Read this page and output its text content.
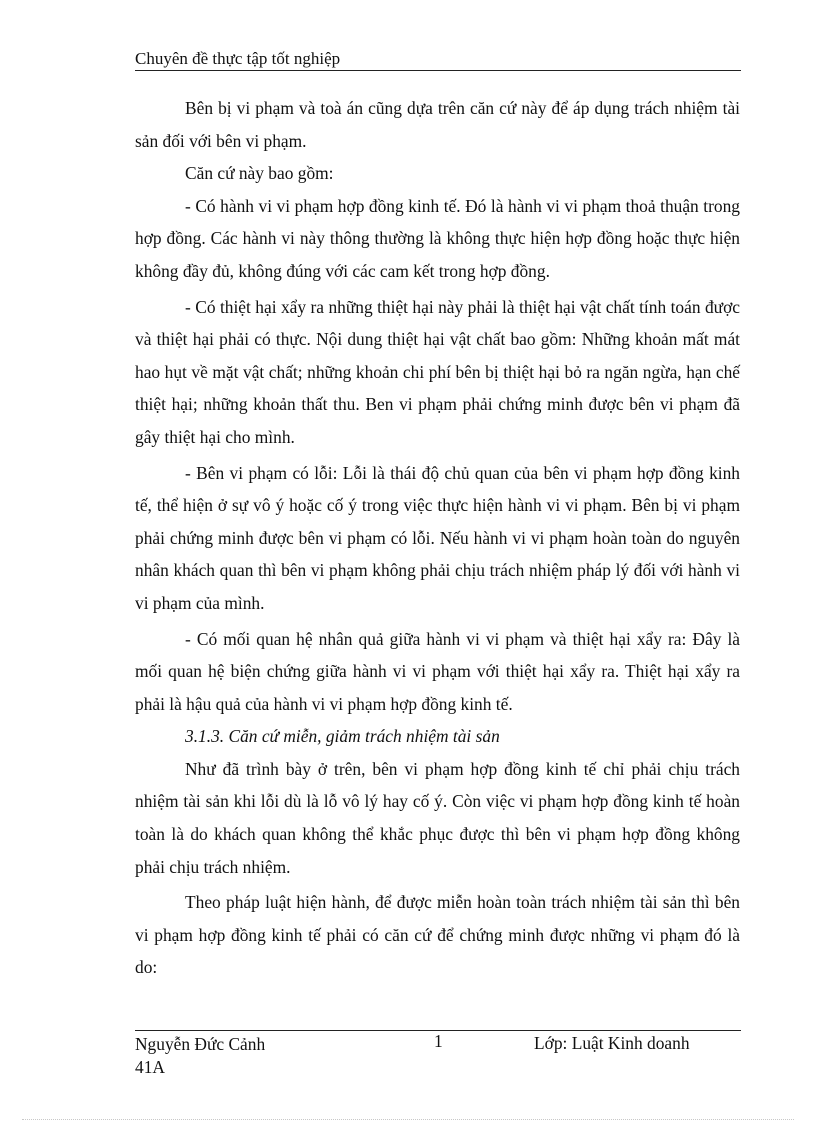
Chuyên đề thực tập tốt nghiệp

Bên bị vi phạm và toà án cũng dựa trên căn cứ này để áp dụng trách nhiệm tài sản đối với bên vi phạm.

Căn cứ này bao gồm:

- Có hành vi vi phạm hợp đồng kinh tế. Đó là hành vi vi phạm thoả thuận trong hợp đồng. Các hành vi này thông thường là không thực hiện hợp đồng hoặc thực hiện không đầy đủ, không đúng với các cam kết trong hợp đồng.

- Có thiệt hại xẩy ra những thiệt hại này phải là thiệt hại vật chất tính toán được và thiệt hại phải có thực. Nội dung thiệt hại vật chất bao gồm: Những khoản mất mát hao hụt về mặt vật chất; những khoản chi phí bên bị thiệt hại bỏ ra ngăn ngừa, hạn chế thiệt hại; những khoản thất thu. Ben vi phạm phải chứng minh được bên vi phạm đã gây thiệt hại cho mình.

- Bên vi phạm có lỗi: Lỗi là thái độ chủ quan của bên vi phạm hợp đồng kinh tế, thể hiện ở sự vô ý hoặc cố ý trong việc thực hiện hành vi vi phạm. Bên bị vi phạm phải chứng minh được bên vi phạm có lỗi. Nếu hành vi vi phạm hoàn toàn do nguyên nhân khách quan thì bên vi phạm không phải chịu trách nhiệm pháp lý đối với hành vi vi phạm của mình.

- Có mối quan hệ nhân quả giữa hành vi vi phạm và thiệt hại xẩy ra: Đây là mối quan hệ biện chứng giữa hành vi vi phạm với thiệt hại xẩy ra. Thiệt hại xẩy ra phải là hậu quả của hành vi vi phạm hợp đồng kinh tế.

3.1.3. Căn cứ miễn, giảm trách nhiệm tài sản

Như đã trình bày ở trên, bên vi phạm hợp đồng kinh tế chỉ phải chịu trách nhiệm tài sản khi lỗi dù là lỗ vô lý hay cố ý. Còn việc vi phạm hợp đồng kinh tế hoàn toàn là do khách quan không thể khắc phục được thì bên vi phạm hợp đồng không phải chịu trách nhiệm.

Theo pháp luật hiện hành, để được miễn hoàn toàn trách nhiệm tài sản thì bên vi phạm hợp đồng kinh tế phải có căn cứ để chứng minh được những vi phạm đó là do:

Nguyễn Đức Cảnh
41A
1	Lớp: Luật Kinh doanh
